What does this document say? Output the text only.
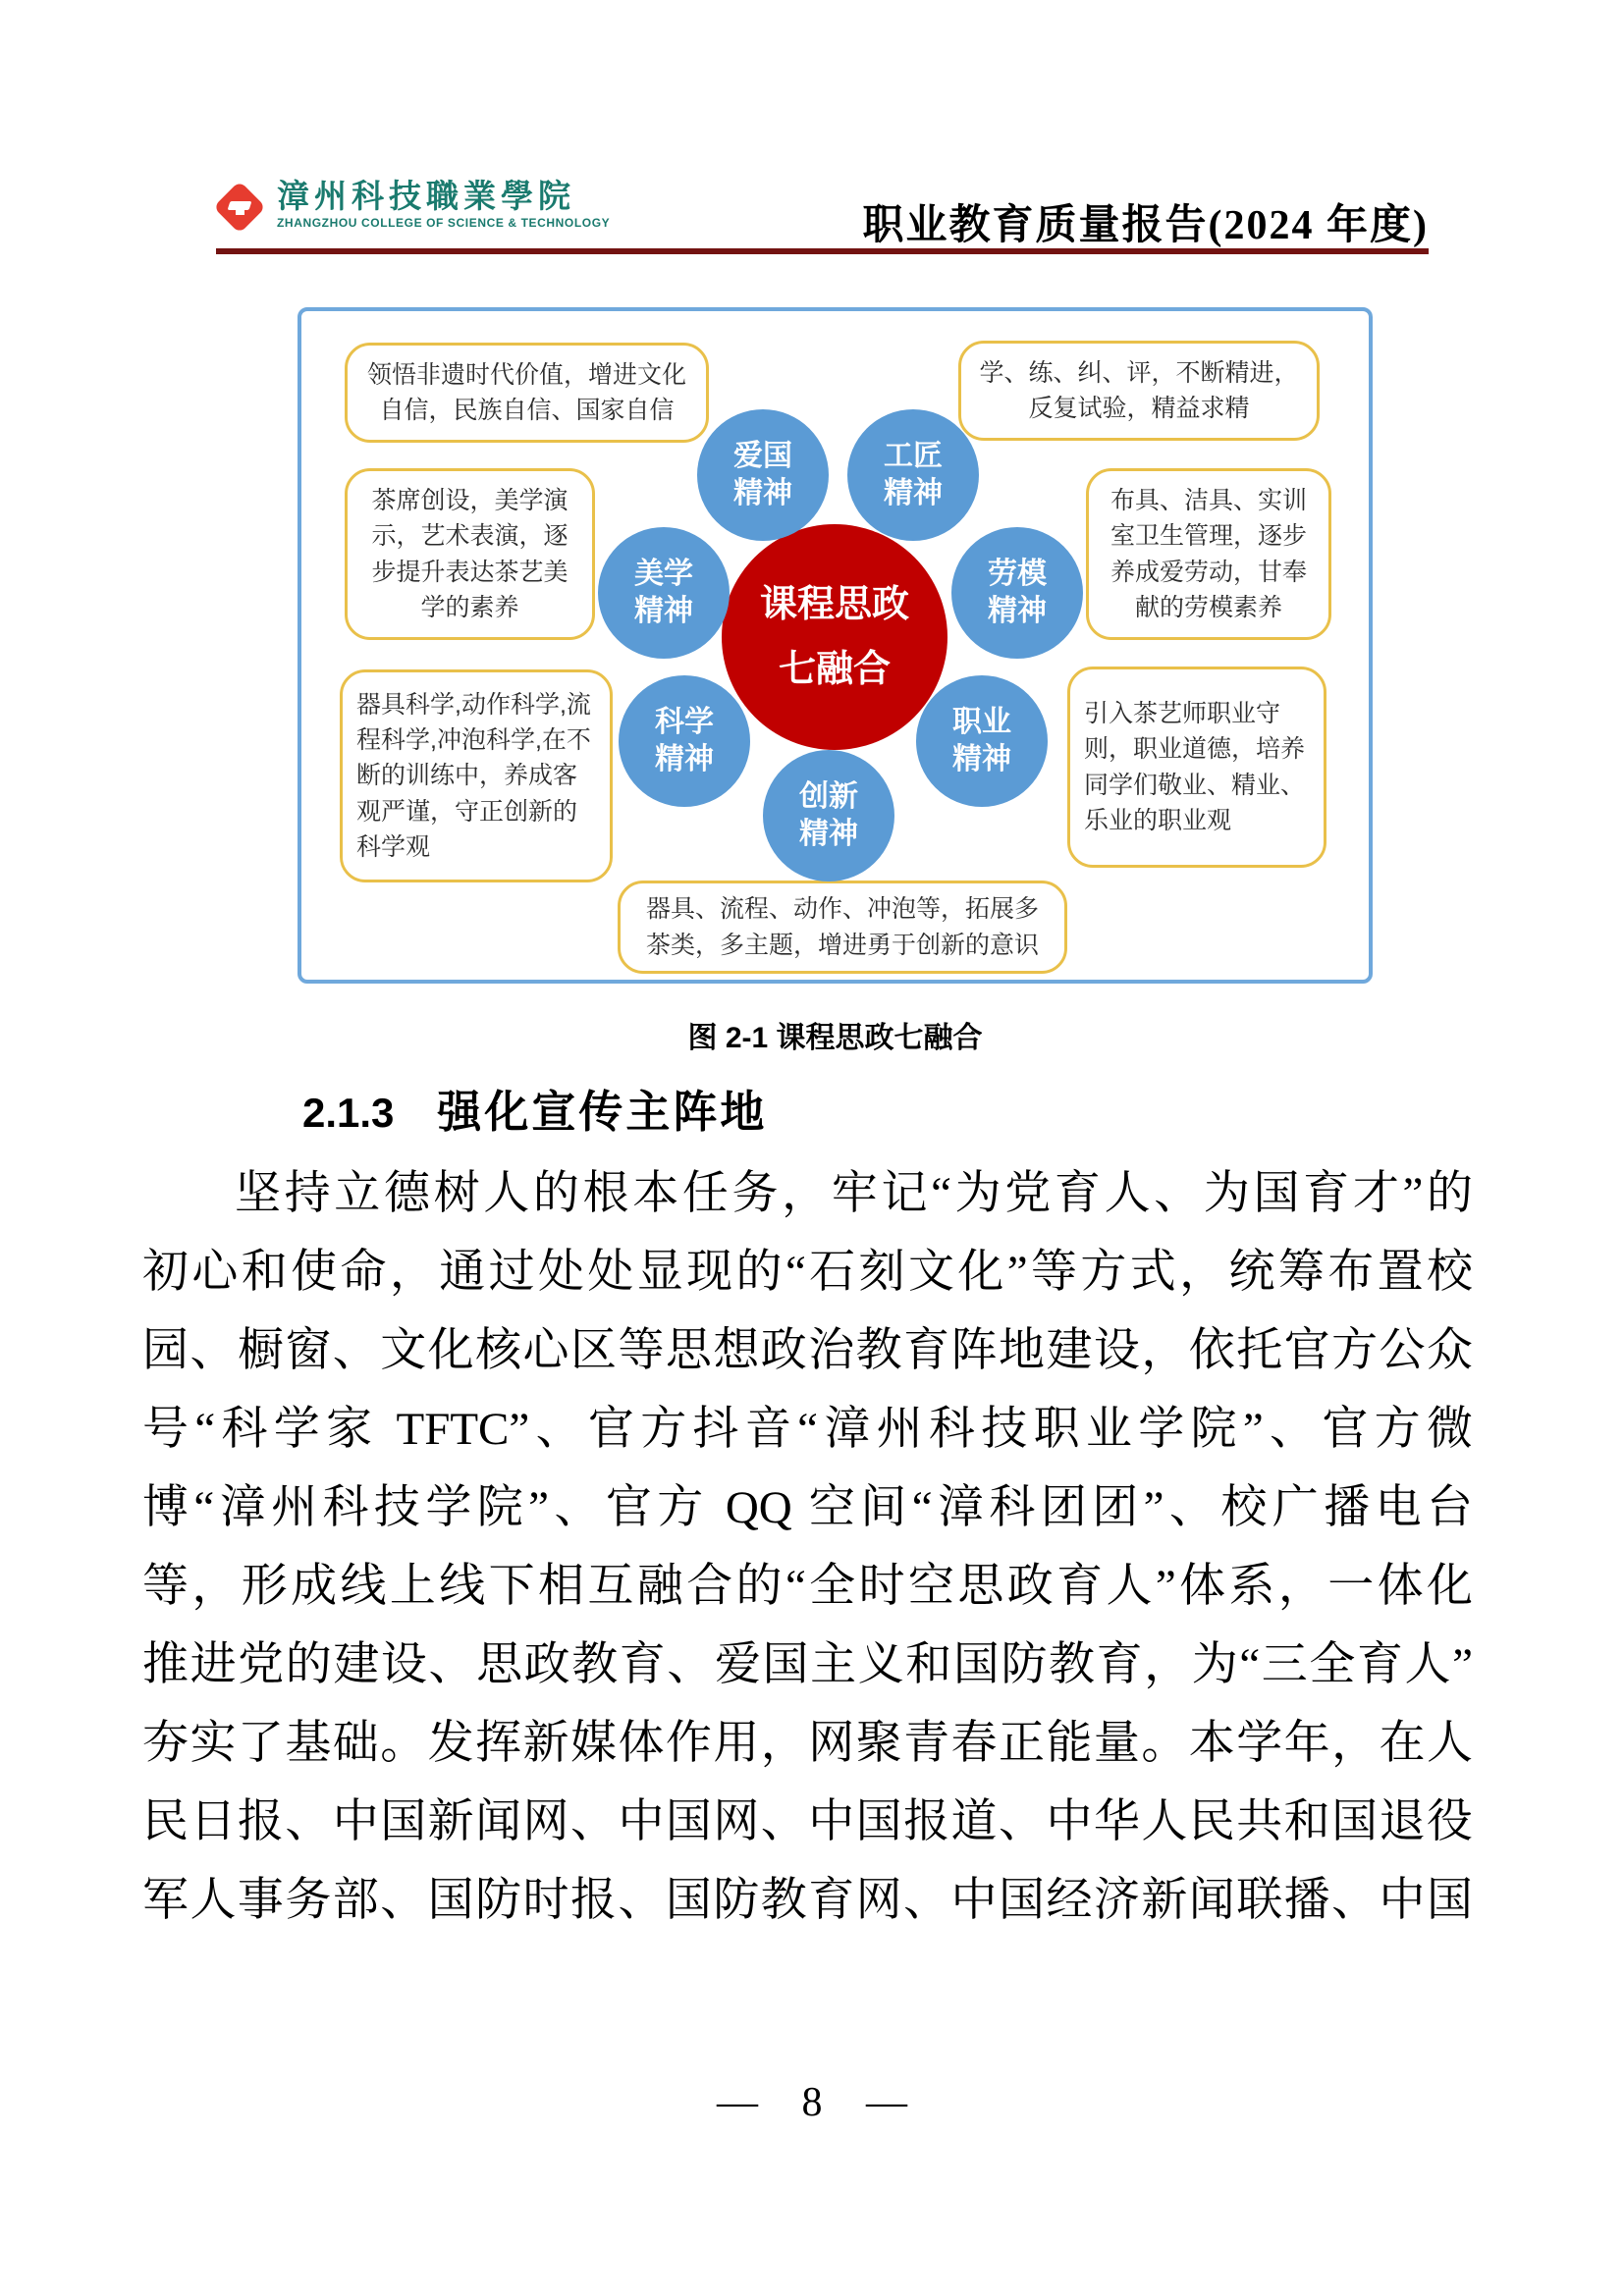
漳州科技職業學院
ZHANGZHOU COLLEGE OF SCIENCE & TECHNOLOGY	职业教育质量报告(2024 年度)
领悟非遗时代价值，增进文化自信，民族自信、国家自信
学、练、纠、评，不断精进，反复试验，精益求精
茶席创设，美学演示，艺术表演，逐步提升表达茶艺美学的素养
器具科学,动作科学,流程科学,冲泡科学,在不断的训练中，养成客观严谨，守正创新的科学观
布具、洁具、实训室卫生管理，逐步养成爱劳动，甘奉献的劳模素养
引入茶艺师职业守则，职业道德，培养同学们敬业、精业、乐业的职业观
器具、流程、动作、冲泡等，拓展多茶类，多主题，增进勇于创新的意识
课程思政
七融合
爱国
精神
工匠
精神
美学
精神
劳模
精神
科学
精神
职业
精神
创新
精神
图 2-1 课程思政七融合
2.1.3 强化宣传主阵地
坚持立德树人的根本任务，牢记“为党育人、为国育才”的
初心和使命，通过处处显现的“石刻文化”等方式，统筹布置校
园、橱窗、文化核心区等思想政治教育阵地建设，依托官方公众
号“科学家 TFTC”、官方抖音“漳州科技职业学院”、官方微
博“漳州科技学院”、官方 QQ 空间“漳科团团”、校广播电台
等，形成线上线下相互融合的“全时空思政育人”体系，一体化
推进党的建设、思政教育、爱国主义和国防教育，为“三全育人”
夯实了基础。发挥新媒体作用，网聚青春正能量。本学年，在人
民日报、中国新闻网、中国网、中国报道、中华人民共和国退役
军人事务部、国防时报、国防教育网、中国经济新闻联播、中国
— 8 —
